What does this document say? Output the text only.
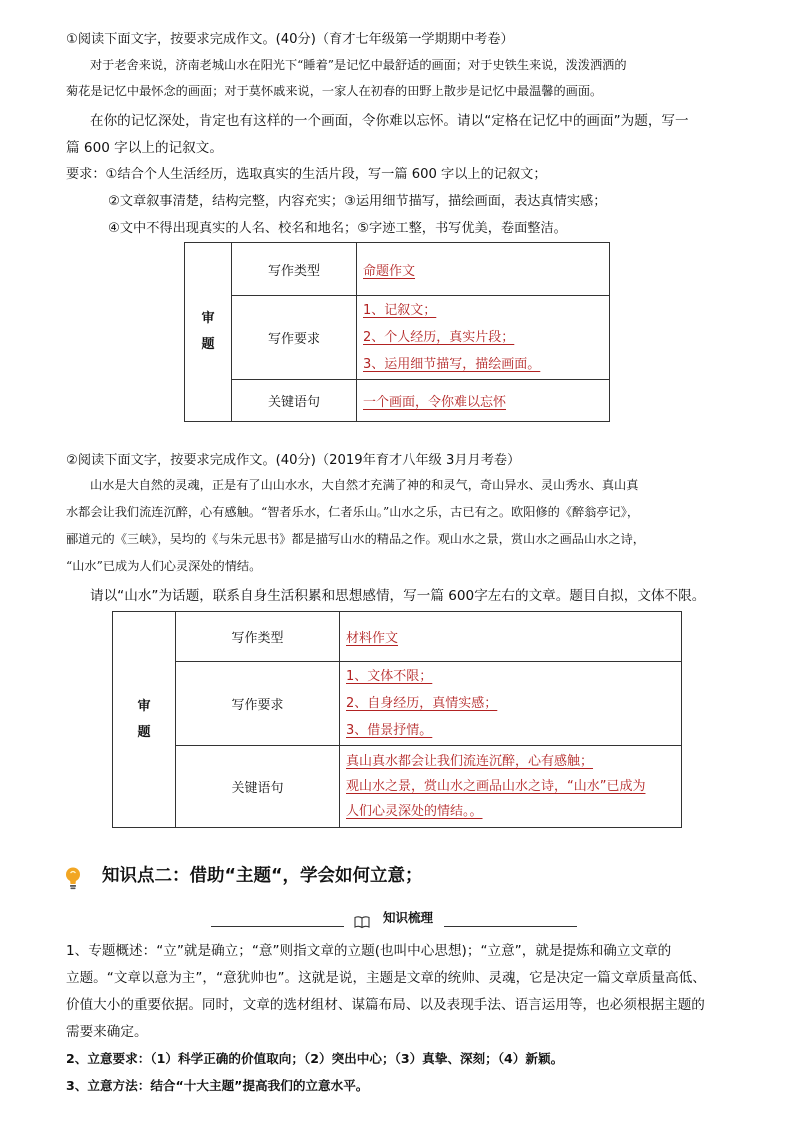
①阅读下面文字，按要求完成作文。(40分)（育才七年级第一学期期中考卷）
对于老舍来说，济南老城山水在阳光下“睡着”是记忆中最舒适的画面；对于史铁生来说，泼泼洒洒的
菊花是记忆中最怀念的画面；对于莫怀戚来说，一家人在初春的田野上散步是记忆中最温馨的画面。
在你的记忆深处，肯定也有这样的一个画面，令你难以忘怀。请以“定格在记忆中的画面”为题，写一
篇 600 字以上的记叙文。
要求：①结合个人生活经历，选取真实的生活片段，写一篇 600 字以上的记叙文；
②文章叙事清楚，结构完整，内容充实；③运用细节描写，描绘画面，表达真情实感；
④文中不得出现真实的人名、校名和地名；⑤字迹工整，书写优美，卷面整洁。
审
题	写作类型	命题作文

	写作要求	1、记叙文；
2、个人经历，真实片段；
3、运用细节描写，描绘画面。

	关键语句	一个画面，令你难以忘怀
②阅读下面文字，按要求完成作文。(40分)（2019年育才八年级 3月月考卷）
山水是大自然的灵魂，正是有了山山水水，大自然才充满了神的和灵气，奇山异水、灵山秀水、真山真
水都会让我们流连沉醉，心有感触。“智者乐水，仁者乐山。”山水之乐，古已有之。欧阳修的《醉翁亭记》，
郦道元的《三峡》，吴均的《与朱元思书》都是描写山水的精品之作。观山水之景，赏山水之画品山水之诗，
“山水”已成为人们心灵深处的情结。
请以“山水”为话题，联系自身生活积累和思想感情，写一篇 600字左右的文章。题目自拟，文体不限。
审
题	写作类型	材料作文

	写作要求	1、文体不限；
2、自身经历，真情实感；
3、借景抒情。

	关键语句	真山真水都会让我们流连沉醉，心有感触；
观山水之景，赏山水之画品山水之诗，“山水”已成为
人们心灵深处的情结。。
知识点二：借助“主题“，学会如何立意；
知识梳理
1、专题概述：“立”就是确立；“意”则指文章的立题(也叫中心思想)；“立意”，就是提炼和确立文章的
立题。“文章以意为主”，“意犹帅也”。这就是说，主题是文章的统帅、灵魂，它是决定一篇文章质量高低、
价值大小的重要依据。同时，文章的选材组材、谋篇布局、以及表现手法、语言运用等，也必须根据主题的
需要来确定。
2、立意要求：（1）科学正确的价值取向；（2）突出中心；（3）真挚、深刻；（4）新颖。
3、立意方法：结合“十大主题”提高我们的立意水平。
